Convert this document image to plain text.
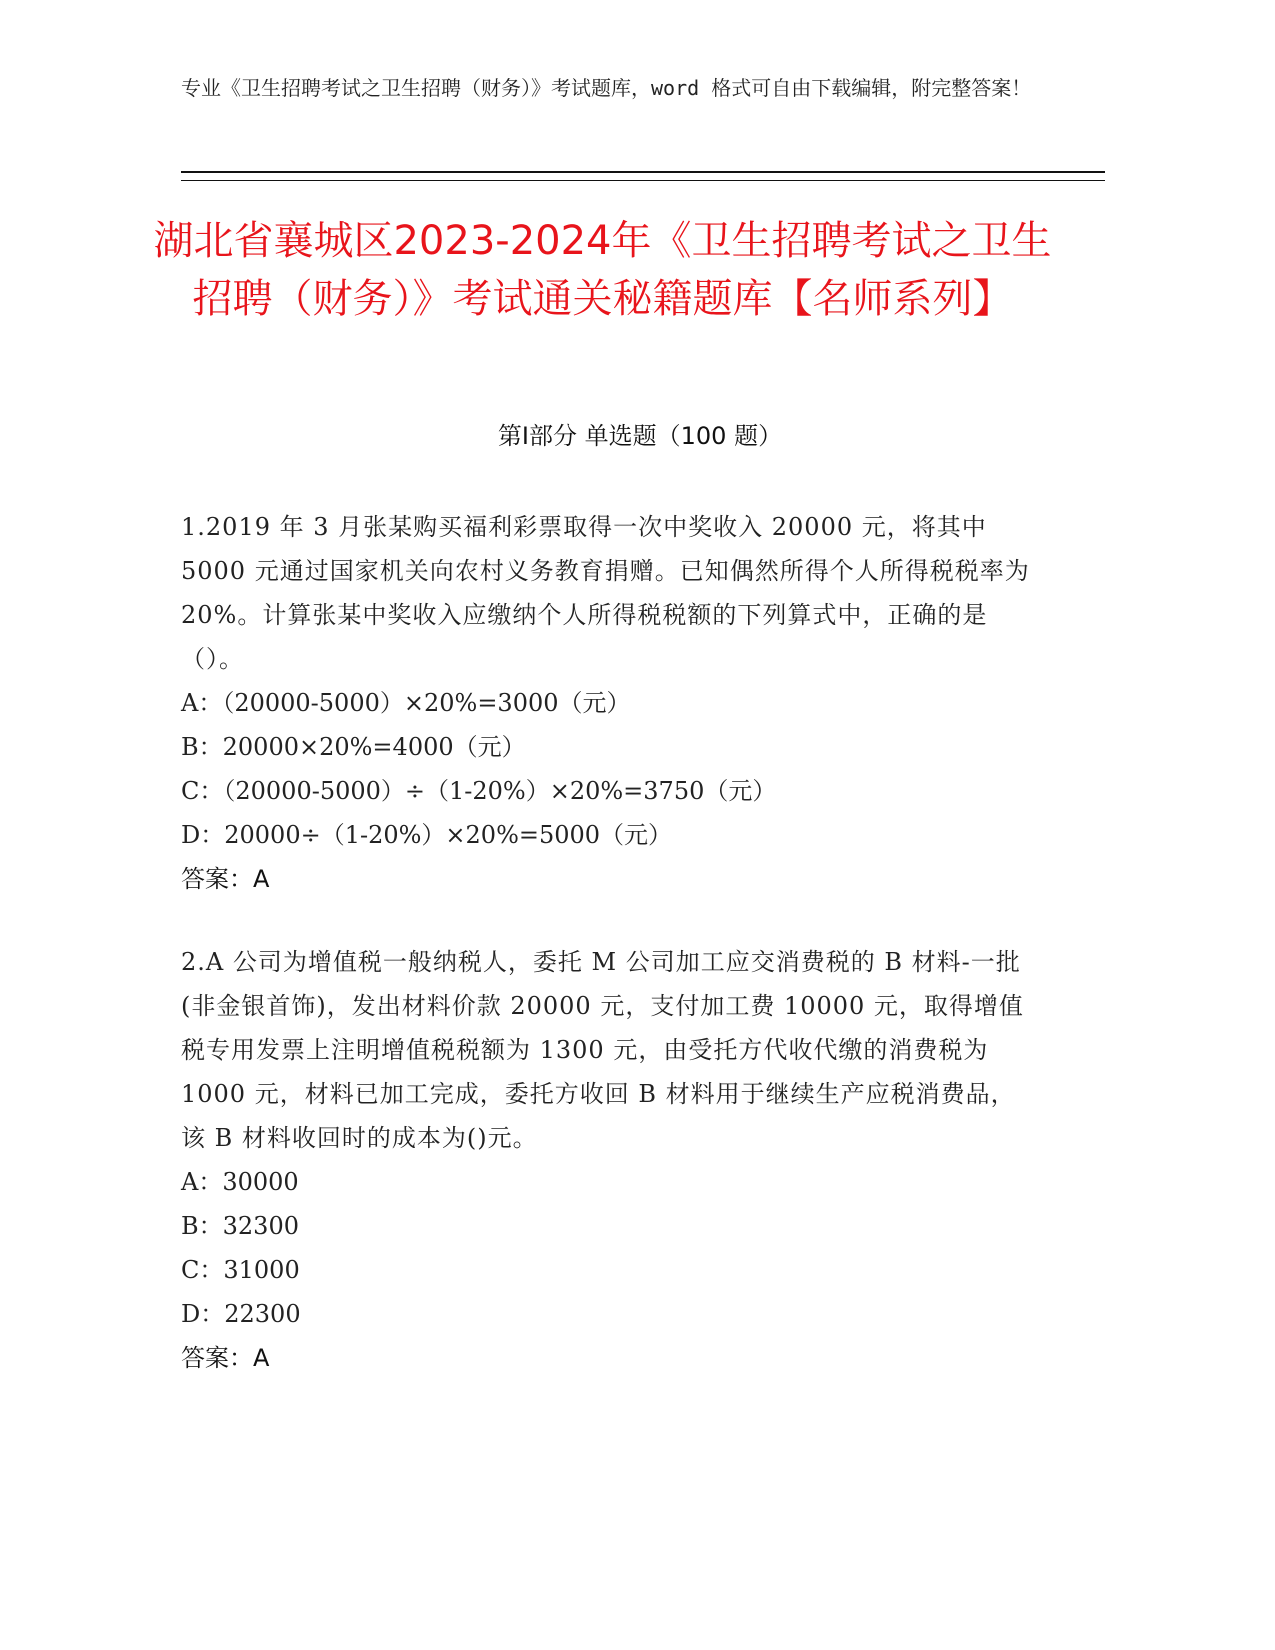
专业《卫生招聘考试之卫生招聘（财务）》考试题库，word 格式可自由下载编辑，附完整答案！
湖北省襄城区2023-2024年《卫生招聘考试之卫生招聘（财务）》考试通关秘籍题库【名师系列】
第Ⅰ部分 单选题（100 题）
1.2019 年 3 月张某购买福利彩票取得一次中奖收入 20000 元，将其中 5000 元通过国家机关向农村义务教育捐赠。已知偶然所得个人所得税税率为 20%。计算张某中奖收入应缴纳个人所得税税额的下列算式中，正确的是（）。
A：（20000-5000）×20%=3000（元）
B：20000×20%=4000（元）
C：（20000-5000）÷（1-20%）×20%=3750（元）
D：20000÷（1-20%）×20%=5000（元）
答案：A
2.A 公司为增值税一般纳税人，委托 M 公司加工应交消费税的 B 材料-一批(非金银首饰)，发出材料价款 20000 元，支付加工费 10000 元，取得增值税专用发票上注明增值税税额为 1300 元，由受托方代收代缴的消费税为 1000 元，材料已加工完成，委托方收回 B 材料用于继续生产应税消费品，该 B 材料收回时的成本为()元。
A：30000
B：32300
C：31000
D：22300
答案：A
